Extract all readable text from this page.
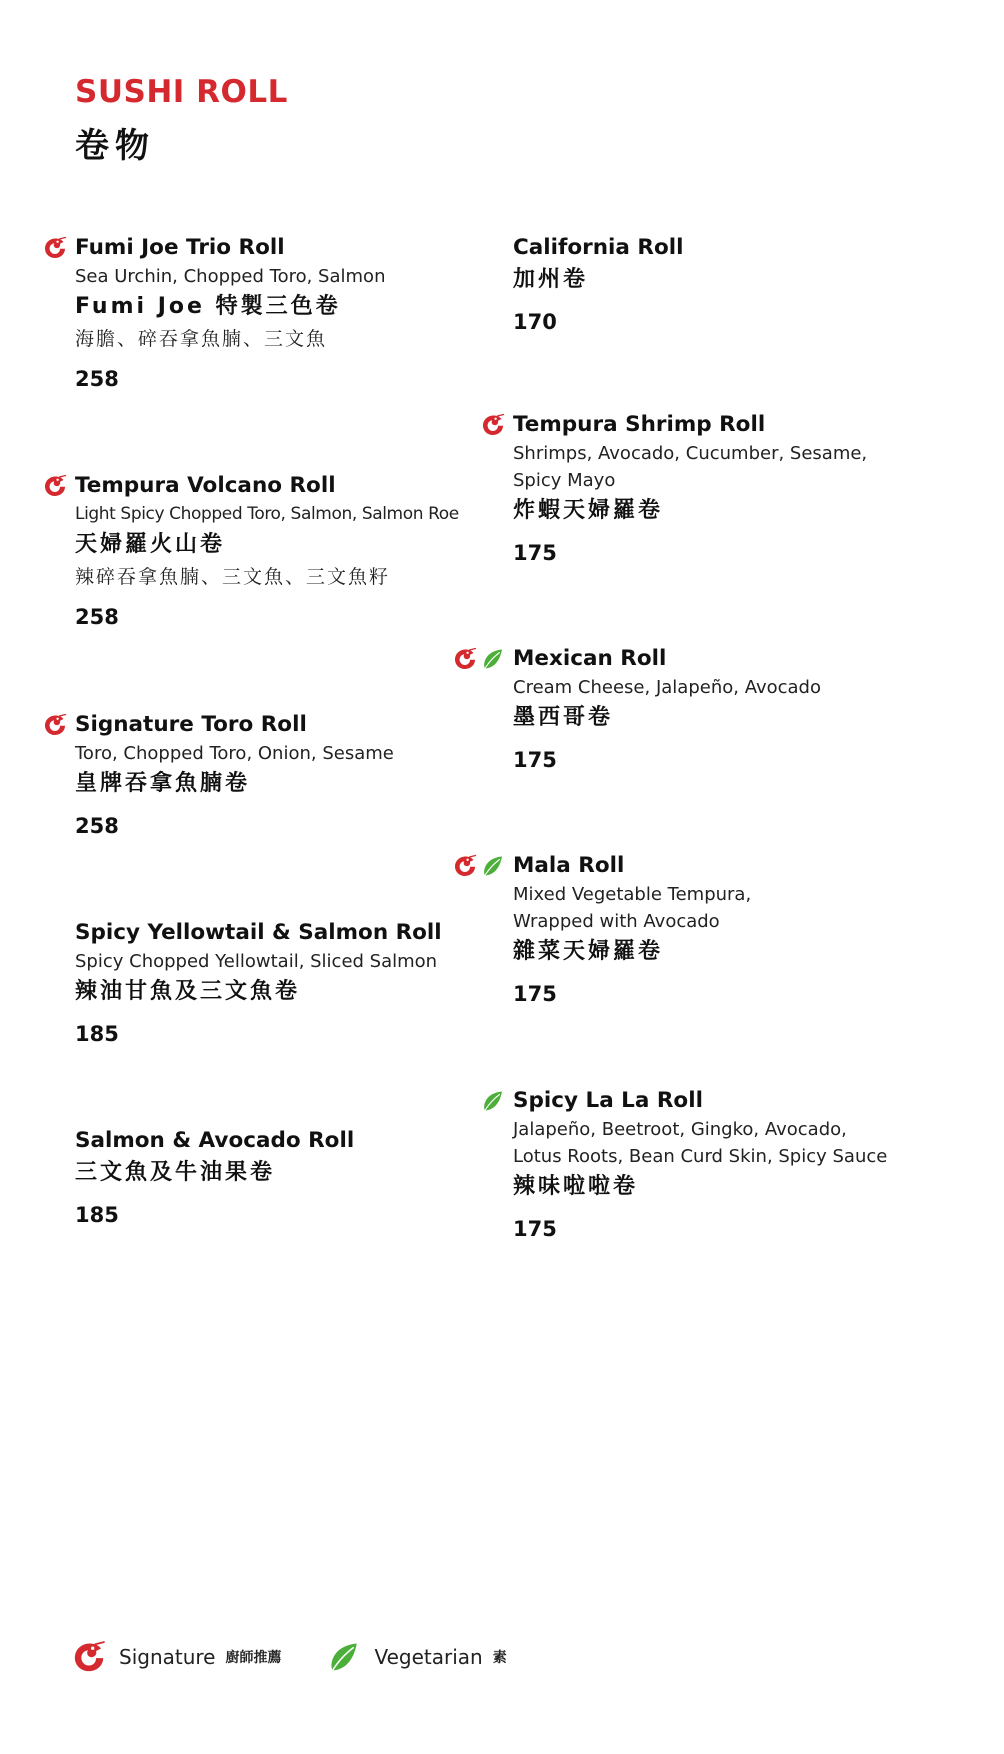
SUSHI ROLL
卷物
Fumi Joe Trio Roll
Sea Urchin, Chopped Toro, Salmon
Fumi Joe 特製三色卷
海膽、碎吞拿魚腩、三文魚
258
Tempura Volcano Roll
Light Spicy Chopped Toro, Salmon, Salmon Roe
天婦羅火山卷
辣碎吞拿魚腩、三文魚、三文魚籽
258
Signature Toro Roll
Toro, Chopped Toro, Onion, Sesame
皇牌吞拿魚腩卷
258
Spicy Yellowtail & Salmon Roll
Spicy Chopped Yellowtail, Sliced Salmon
辣油甘魚及三文魚卷
185
Salmon & Avocado Roll
三文魚及牛油果卷
185
California Roll
加州卷
170
Tempura Shrimp Roll
Shrimps, Avocado, Cucumber, Sesame,
Spicy Mayo
炸蝦天婦羅卷
175
Mexican Roll
Cream Cheese, Jalapeño, Avocado
墨西哥卷
175
Mala Roll
Mixed Vegetable Tempura,
Wrapped with Avocado
雜菜天婦羅卷
175
Spicy La La Roll
Jalapeño, Beetroot, Gingko, Avocado,
Lotus Roots, Bean Curd Skin, Spicy Sauce
辣味啦啦卷
175
Signature 廚師推薦	Vegetarian 素
